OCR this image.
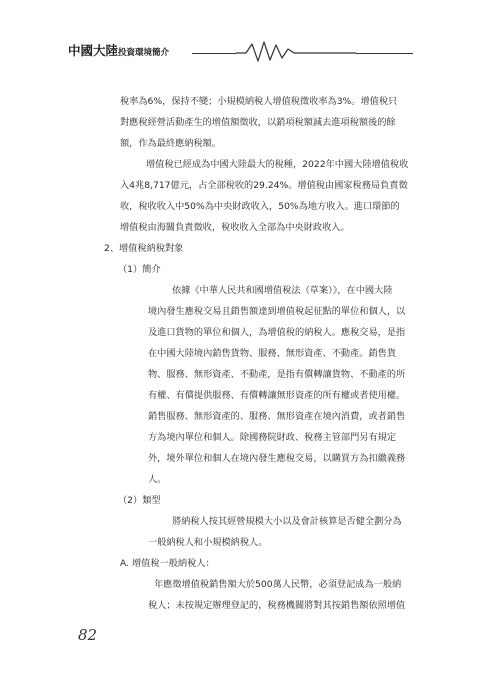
中國大陸投資環境簡介
稅率為6%，保持不變；小規模納稅人增值稅徵收率為3%。增值稅只
對應稅經營活動產生的增值額徵收，以銷項稅額減去進項稅額後的餘
額，作為最終應納稅額。
增值稅已經成為中國大陸最大的稅種，2022年中國大陸增值稅收
入4兆8,717億元，占全部稅收的29.24%。增值稅由國家稅務局負責徵
收，稅收收入中50%為中央財政收入，50%為地方收入。進口環節的
增值稅由海關負責徵收，稅收收入全部為中央財政收入。
2、增值稅納稅對象
（1）簡介
依據《中華人民共和國增值稅法（草案）》，在中國大陸
境內發生應稅交易且銷售額達到增值稅起征點的單位和個人，以
及進口貨物的單位和個人，為增值稅的納稅人。應稅交易，是指
在中國大陸境內銷售貨物、服務、無形資產、不動產。銷售貨
物、服務、無形資產、不動產，是指有償轉讓貨物、不動產的所
有權、有償提供服務、有償轉讓無形資產的所有權或者使用權。
銷售服務、無形資產的、服務、無形資產在境內消費，或者銷售
方為境內單位和個人。除國務院財政、稅務主管部門另有規定
外，境外單位和個人在境內發生應稅交易，以購買方為扣繳義務
人。
（2）類型
將納稅人按其經營規模大小以及會計核算是否健全劃分為
一般納稅人和小規模納稅人。
A. 增值稅一般納稅人：
年應徵增值稅銷售額大於500萬人民幣，必須登記成為一般納
稅人；未按規定辦理登記的，稅務機關將對其按銷售額依照增值
82
